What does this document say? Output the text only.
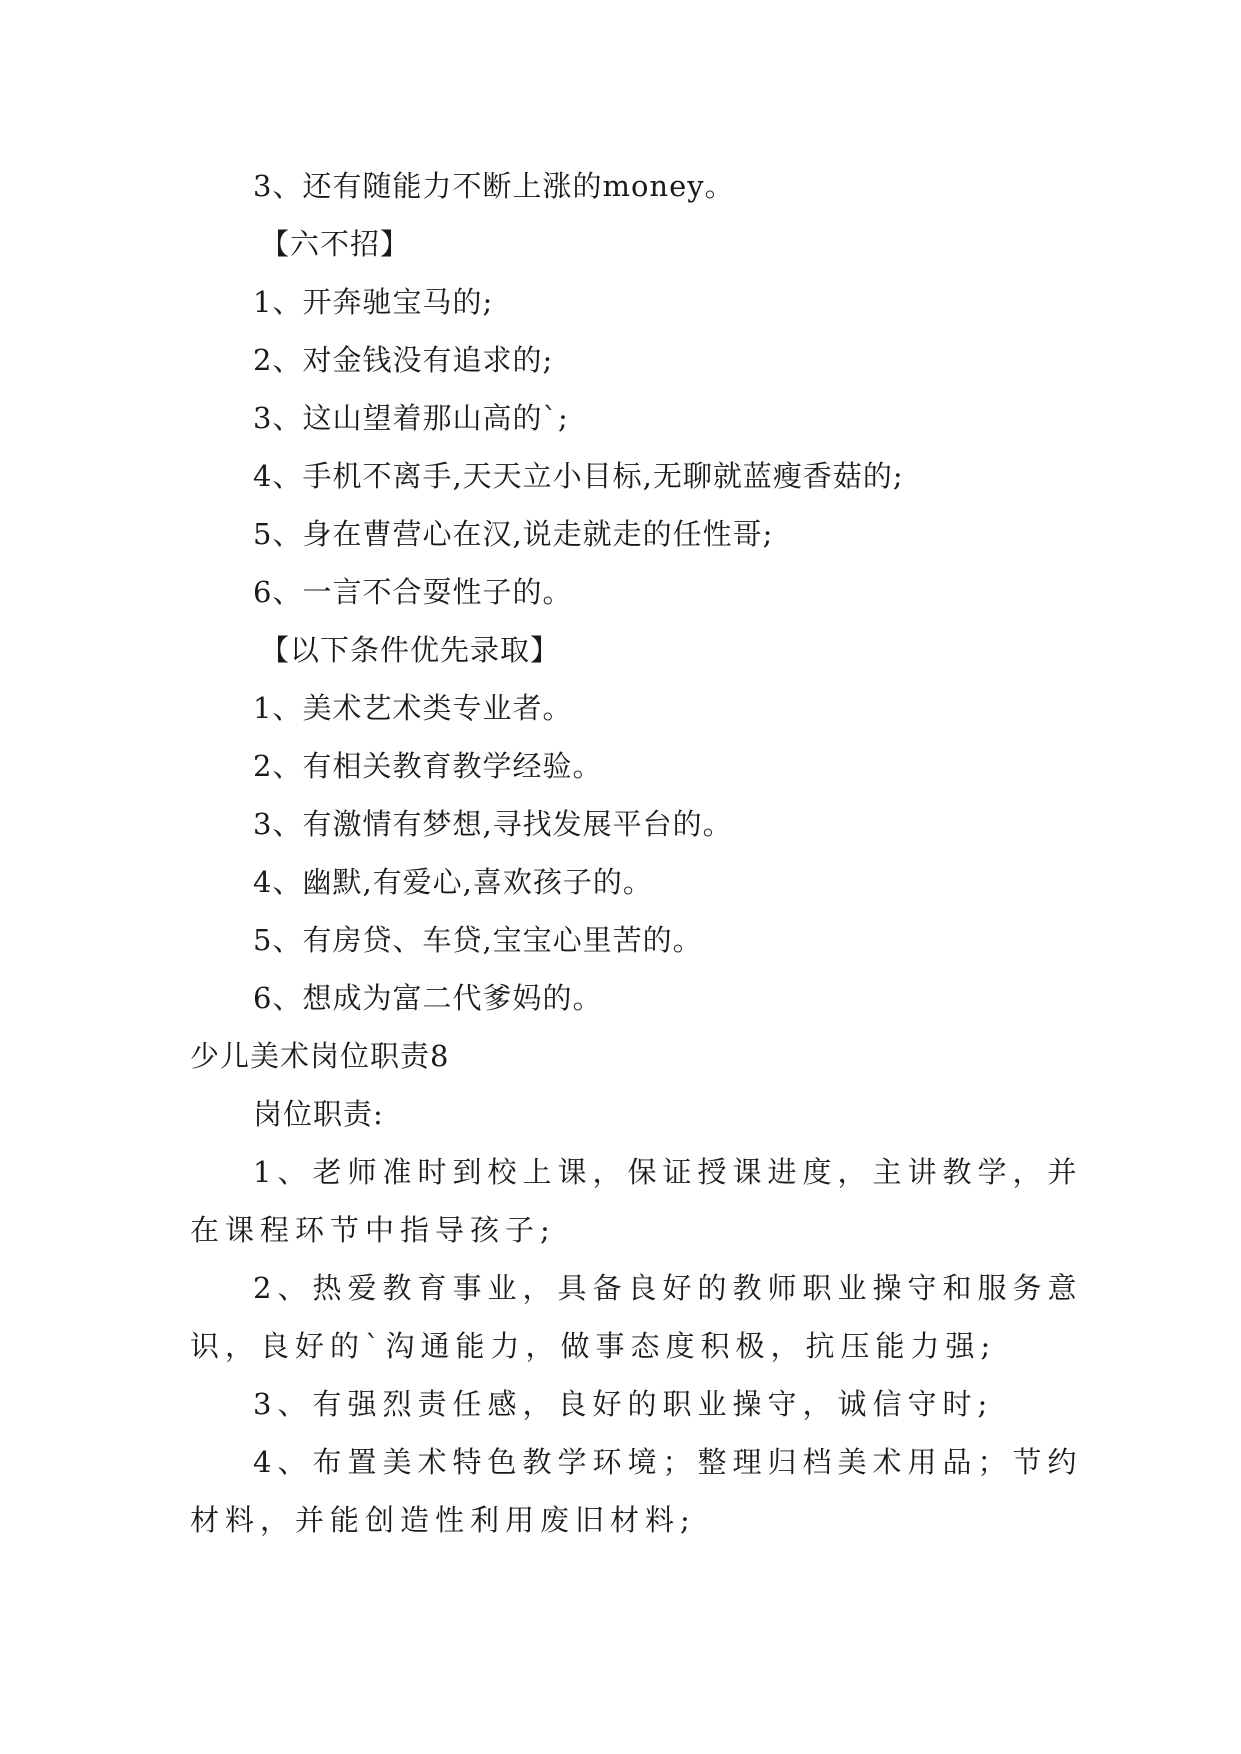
3、还有随能力不断上涨的money。
【六不招】
1、开奔驰宝马的;
2、对金钱没有追求的;
3、这山望着那山高的`;
4、手机不离手,天天立小目标,无聊就蓝瘦香菇的;
5、身在曹营心在汉,说走就走的任性哥;
6、一言不合耍性子的。
【以下条件优先录取】
1、美术艺术类专业者。
2、有相关教育教学经验。
3、有激情有梦想,寻找发展平台的。
4、幽默,有爱心,喜欢孩子的。
5、有房贷、车贷,宝宝心里苦的。
6、想成为富二代爹妈的。
少儿美术岗位职责8
岗位职责:
1、老师准时到校上课，保证授课进度，主讲教学，并
在课程环节中指导孩子;
2、热爱教育事业，具备良好的教师职业操守和服务意
识，良好的`沟通能力，做事态度积极，抗压能力强;
3、有强烈责任感，良好的职业操守，诚信守时;
4、布置美术特色教学环境；整理归档美术用品；节约
材料，并能创造性利用废旧材料;
